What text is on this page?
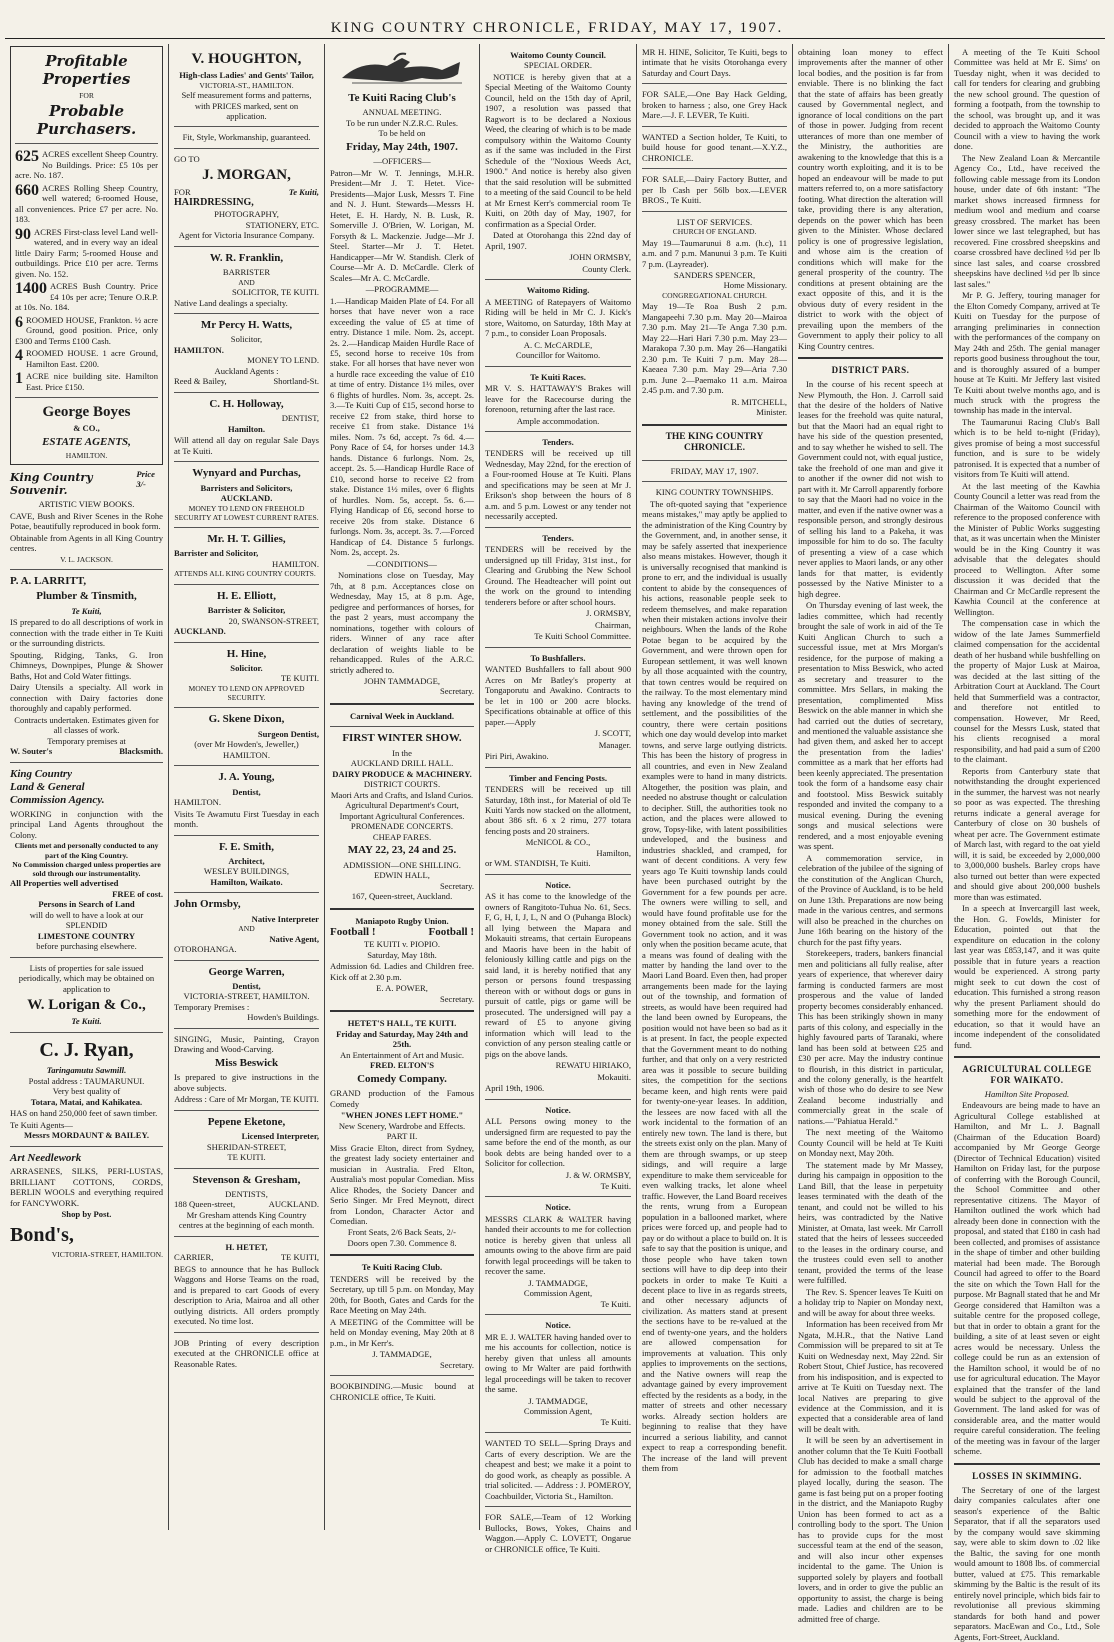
KING COUNTRY CHRONICLE, FRIDAY, MAY 17, 1907.
Profitable Properties
FOR
Probable Purchasers.
625 ACRES excellent Sheep Country. No Buildings. Price: £5 10s per acre. No. 187.
660 ACRES Rolling Sheep Country, well watered; 6-roomed House, all conveniences. Price £7 per acre. No. 183.
90 ACRES First-class level Land well-watered, and in every way an ideal little Dairy Farm; 5-roomed House and outbuildings. Price £10 per acre. Terms given. No. 152.
1400 ACRES Bush Country. Price £4 10s per acre; Tenure O.R.P. at 10s. No. 184.
6 ROOMED HOUSE, Frankton. ½ acre Ground, good position. Price, only £300 and Terms £100 Cash.
4 ROOMED HOUSE. 1 acre Ground, Hamilton East. £200.
1 ACRE nice building site. Hamilton East. Price £150.
George Boyes
& CO.,
ESTATE AGENTS,
HAMILTON.
King Country Souvenir.
Price 3/-
ARTISTIC VIEW BOOKS.
CAVE, Bush and River Scenes in the Rohe Potae, beautifully reproduced in book form.
Obtainable from Agents in all King Country centres.
V. L. JACKSON.
P. A. LARRITT,
Plumber & Tinsmith,
Te Kuiti,
IS prepared to do all descriptions of work in connection with the trade either in Te Kuiti or the surrounding districts.
Spouting, Ridging, Tanks, G. Iron Chimneys, Downpipes, Plunge & Shower Baths, Hot and Cold Water fittings.
Dairy Utensils a specialty. All work in connection with Dairy factories done thoroughly and capably performed.
Contracts undertaken. Estimates given for all classes of work.
Temporary premises at
W. Souter's	Blacksmith.
King Country
Land & General
Commission Agency.
WORKING in conjunction with the principal Land Agents throughout the Colony.
Clients met and personally conducted to any part of the King Country.
No Commission charged unless properties are sold through our instrumentality.
All Properties well advertised
FREE of cost.
Persons in Search of Land
will do well to have a look at our SPLENDID
LIMESTONE COUNTRY
before purchasing elsewhere.
Lists of properties for sale issued periodically, which may be obtained on application to
W. Lorigan & Co.,
Te Kuiti.
C. J. Ryan,
Taringamutu Sawmill.
Postal address : TAUMARUNUI.
Very best quality of
Totara, Matai, and Kahikatea.
HAS on hand 250,000 feet of sawn timber.
Te Kuiti Agents—
Messrs MORDAUNT & BAILEY.
Art Needlework
ARRASENES, SILKS, PERI-LUSTAS, BRILLIANT COTTONS, CORDS, BERLIN WOOLS and everything required for FANCYWORK.
Shop by Post.
Bond's,
VICTORIA-STREET, HAMILTON.
V. HOUGHTON,
High-class Ladies' and Gents' Tailor,
VICTORIA-ST., HAMILTON.
Self measurement forms and patterns, with PRICES marked, sent on application.
Fit, Style, Workmanship, guaranteed.
GO TO
J. MORGAN,
FOR	Te Kuiti,
HAIRDRESSING,
PHOTOGRAPHY,
STATIONERY, ETC.
Agent for Victoria Insurance Company.
W. R. Franklin,
BARRISTER
AND
SOLICITOR, TE KUITI.
Native Land dealings a specialty.
Mr Percy H. Watts,
Solicitor,
HAMILTON.
MONEY TO LEND.
Auckland Agents :
Reed & Bailey,	Shortland-St.
C. H. Holloway,
DENTIST,
Hamilton.
Will attend all day on regular Sale Days at Te Kuiti.
Wynyard and Purchas,
Barristers and Solicitors,
AUCKLAND.
MONEY TO LEND ON FREEHOLD SECURITY AT LOWEST CURRENT RATES.
Mr. H. T. Gillies,
Barrister and Solicitor,
HAMILTON.
ATTENDS ALL KING COUNTRY COURTS.
H. E. Elliott,
Barrister & Solicitor,
20, SWANSON-STREET,
AUCKLAND.
H. Hine,
Solicitor.
TE KUITI.
MONEY TO LEND ON APPROVED SECURITY.
G. Skene Dixon,
Surgeon Dentist,
(over Mr Howden's, Jeweller,)
HAMILTON.
J. A. Young,
Dentist,
HAMILTON.
Visits Te Awamutu First Tuesday in each month.
F. E. Smith,
Architect,
WESLEY BUILDINGS,
Hamilton, Waikato.
John Ormsby,
Native Interpreter
AND
Native Agent,
OTOROHANGA.
George Warren,
Dentist,
VICTORIA-STREET, HAMILTON.
Temporary Premises :
Howden's Buildings.
SINGING, Music, Painting, Crayon Drawing and Wood-Carving.
Miss Beswick
Is prepared to give instructions in the above subjects.
Address : Care of Mr Morgan, TE KUITI.
Pepene Eketone,
Licensed Interpreter,
SHERIDAN-STREET,
TE KUITI.
Stevenson & Gresham,
DENTISTS,
188 Queen-street,	AUCKLAND.
Mr Gresham attends King Country centres at the beginning of each month.
H. HETET,
CARRIER,	TE KUITI,
BEGS to announce that he has Bullock Waggons and Horse Teams on the road, and is prepared to cart Goods of every description to Aria, Mairoa and all other outlying districts. All orders promptly executed. No time lost.
JOB Printing of every description executed at the CHRONICLE office at Reasonable Rates.
Te Kuiti Racing Club's
ANNUAL MEETING.
To be run under N.Z.R.C. Rules.
To be held on
Friday, May 24th, 1907.
—OFFICERS—
Patron—Mr W. T. Jennings, M.H.R. President—Mr J. T. Hetet. Vice-Presidents—Major Lusk, Messrs T. Fine and N. J. Hunt. Stewards—Messrs H. Hetet, E. H. Hardy, N. B. Lusk, R. Somerville J. O'Brien, W. Lorigan, M. Forsyth & L. Mackenzie. Judge—Mr J. Steel. Starter—Mr J. T. Hetet. Handicapper—Mr W. Standish. Clerk of Course—Mr A. D. McCardle. Clerk of Scales—Mr A. C. McCardle.
—PROGRAMME—
1.—Handicap Maiden Plate of £4. For all horses that have never won a race exceeding the value of £5 at time of entry. Distance 1 mile. Nom. 2s, accept. 2s. 2.—Handicap Maiden Hurdle Race of £5, second horse to receive 10s from stake. For all horses that have never won a hurdle race exceeding the value of £10 at time of entry. Distance 1½ miles, over 6 flights of hurdles. Nom. 3s, accept. 2s. 3.—Te Kuiti Cup of £15, second horse to receive £2 from stake, third horse to receive £1 from stake. Distance 1¼ miles. Nom. 7s 6d, accept. 7s 6d. 4.—Pony Race of £4, for horses under 14.3 hands. Distance 6 furlongs. Nom. 2s, accept. 2s. 5.—Handicap Hurdle Race of £10, second horse to receive £2 from stake. Distance 1½ miles, over 6 flights of hurdles. Nom. 5s, accept. 5s. 6.—Flying Handicap of £6, second horse to receive 20s from stake. Distance 6 furlongs. Nom. 3s, accept. 3s. 7.—Forced Handicap of £4. Distance 5 furlongs. Nom. 2s, accept. 2s.
—CONDITIONS—
Nominations close on Tuesday, May 7th, at 8 p.m. Acceptances close on Wednesday, May 15, at 8 p.m. Age, pedigree and performances of horses, for the past 2 years, must accompany the nominations, together with colours of riders. Winner of any race after declaration of weights liable to be rehandicapped. Rules of the A.R.C. strictly adhered to.
JOHN TAMMADGE,
Secretary.
Carnival Week in Auckland.
FIRST WINTER SHOW.
In the
AUCKLAND DRILL HALL.
DAIRY PRODUCE & MACHINERY.
DISTRICT COURTS.
Maori Arts and Crafts, and Island Curios.
Agricultural Department's Court, Important Agricultural Conferences.
PROMENADE CONCERTS.
CHEAP FARES.
MAY 22, 23, 24 and 25.
ADMISSION—ONE SHILLING.
EDWIN HALL,
Secretary.
167, Queen-street, Auckland.
Maniapoto Rugby Union.
Football !	Football !
TE KUITI v. PIOPIO.
Saturday, May 18th.
Admission 6d. Ladies and Children free. Kick off at 2.30 p.m.
E. A. POWER,
Secretary.
HETET'S HALL, TE KUITI.
Friday and Saturday, May 24th and 25th.
An Entertainment of Art and Music.
FRED. ELTON'S
Comedy Company.
GRAND production of the Famous Comedy
"WHEN JONES LEFT HOME."
New Scenery, Wardrobe and Effects.
PART II.
Miss Gracie Elton, direct from Sydney, the greatest lady society entertainer and musician in Australia. Fred Elton, Australia's most popular Comedian. Miss Alice Rhodes, the Society Dancer and Serio Singer. Mr Fred Meynott, direct from London, Character Actor and Comedian.
Front Seats, 2/6 Back Seats, 2/-
Doors open 7.30. Commence 8.
Te Kuiti Racing Club.
TENDERS will be received by the Secretary, up till 5 p.m. on Monday, May 20th, for Booth, Gates and Cards for the Race Meeting on May 24th.
A MEETING of the Committee will be held on Monday evening, May 20th at 8 p.m., in Mr Kerr's.
J. TAMMADGE,
Secretary.
BOOKBINDING.—Music bound at CHRONICLE office, Te Kuiti.
Waitomo County Council.
SPECIAL ORDER.
NOTICE is hereby given that at a Special Meeting of the Waitomo County Council, held on the 15th day of April, 1907, a resolution was passed that Ragwort is to be declared a Noxious Weed, the clearing of which is to be made compulsory within the Waitomo County as if the same was included in the First Schedule of the "Noxious Weeds Act, 1900." And notice is hereby also given that the said resolution will be submitted to a meeting of the said Council to be held at Mr Ernest Kerr's commercial room Te Kuiti, on 20th day of May, 1907, for confirmation as a Special Order.
Dated at Otorohanga this 22nd day of April, 1907.
JOHN ORMSBY,
County Clerk.
Waitomo Riding.
A MEETING of Ratepayers of Waitomo Riding will be held in Mr C. J. Kick's store, Waitomo, on Saturday, 18th May at 7 p.m., to consider Loan Proposals.
A. C. McCARDLE,
Councillor for Waitomo.
Te Kuiti Races.
MR V. S. HATTAWAY'S Brakes will leave for the Racecourse during the forenoon, returning after the last race.
Ample accommodation.
Tenders.
TENDERS will be received up till Wednesday, May 22nd, for the erection of a Four-roomed House at Te Kuiti. Plans and specifications may be seen at Mr J. Erikson's shop between the hours of 8 a.m. and 5 p.m. Lowest or any tender not necessarily accepted.
Tenders.
TENDERS will be received by the undersigned up till Friday, 31st inst., for Clearing and Grubbing the New School Ground. The Headteacher will point out the work on the ground to intending tenderers before or after school hours.
J. ORMSBY,
Chairman,
Te Kuiti School Committee.
To Bushfallers.
WANTED Bushfallers to fall about 900 Acres on Mr Batley's property at Tongaporutu and Awakino. Contracts to be let in 100 or 200 acre blocks. Specifications obtainable at office of this paper.—Apply
J. SCOTT,
Manager.
Piri Piri, Awakino.
Timber and Fencing Posts.
TENDERS will be received up till Saturday, 18th inst., for Material of old Te Kuiti Yards now stacked on the allotment, about 386 sft. 6 x 2 rimu, 277 totara fencing posts and 20 strainers.
McNICOL & CO.,
Hamilton,
or WM. STANDISH, Te Kuiti.
Notice.
AS it has come to the knowledge of the owners of Rangitoto-Tuhua No. 61, Secs. F, G, H, I, J, L, N and O (Puhanga Block) all lying between the Mapara and Mokauiti streams, that certain Europeans and Maoris have been in the habit of feloniously killing cattle and pigs on the said land, it is hereby notified that any person or persons found trespassing thereon with or without dogs or guns in pursuit of cattle, pigs or game will be prosecuted. The undersigned will pay a reward of £5 to anyone giving information which will lead to the conviction of any person stealing cattle or pigs on the above lands.
REWATU HIRIAKO,
Mokauiti.
April 19th, 1906.
Notice.
ALL Persons owing money to the undersigned firm are requested to pay the same before the end of the month, as our book debts are being handed over to a Solicitor for collection.
J. & W. ORMSBY,
Te Kuiti.
Notice.
MESSRS CLARK & WALTER having handed their accounts to me for collection notice is hereby given that unless all amounts owing to the above firm are paid forwith legal proceedings will be taken to recover the same.
J. TAMMADGE,
Commission Agent,
Te Kuiti.
Notice.
MR E. J. WALTER having handed over to me his accounts for collection, notice is hereby given that unless all amounts owing to Mr Walter are paid forthwith legal proceedings will be taken to recover the same.
J. TAMMADGE,
Commission Agent,
Te Kuiti.
WANTED TO SELL—Spring Drays and Carts of every description. We are the cheapest and best; we make it a point to do good work, as cheaply as possible. A trial solicited. — Address : J. POMEROY, Coachbuilder, Victoria St., Hamilton.
FOR SALE,—Team of 12 Working Bullocks, Bows, Yokes, Chains and Waggon.—Apply C. LOVETT, Ongarue or CHRONICLE office, Te Kuiti.
MR H. HINE, Solicitor, Te Kuiti, begs to intimate that he visits Otorohanga every Saturday and Court Days.
FOR SALE,—One Bay Hack Gelding, broken to harness ; also, one Grey Hack Mare.—J. F. LEVER, Te Kuiti.
WANTED a Section holder, Te Kuiti, to build house for good tenant.—X.Y.Z., CHRONICLE.
FOR SALE,—Dairy Factory Butter, and per lb Cash per 56lb box.—LEVER BROS., Te Kuiti.
LIST OF SERVICES.
CHURCH OF ENGLAND.
May 19—Taumarunui 8 a.m. (h.c), 11 a.m. and 7 p.m. Manunui 3 p.m. Te Kuiti 7 p.m. (Layreader).
SANDERS SPENCER,
Home Missionary.
CONGREGATIONAL CHURCH.
May 19—Te Roa Bush 2 p.m. Mangapeehi 7.30 p.m. May 20—Mairoa 7.30 p.m. May 21—Te Anga 7.30 p.m. May 22—Hari Hari 7.30 p.m. May 23—Marakopa 7.30 p.m. May 26—Hangatiki 2.30 p.m. Te Kuiti 7 p.m. May 28—Kaeaea 7.30 p.m. May 29—Aria 7.30 p.m. June 2—Paemako 11 a.m. Mairoa 2.45 p.m. and 7.30 p.m.
R. MITCHELL,
Minister.
THE KING COUNTRY CHRONICLE.
FRIDAY, MAY 17, 1907.
KING COUNTRY TOWNSHIPS.
The oft-quoted saying that "experience means mistakes," may aptly be applied to the administration of the King Country by the Government, and, in another sense, it may be safely asserted that inexperience also means mistakes. However, though it is universally recognised that mankind is prone to err, and the individual is usually content to abide by the consequences of his actions, reasonable people seek to redeem themselves, and make reparation when their mistaken actions involve their neighbours. When the lands of the Rohe Potae began to be acquired by the Government, and were thrown open for European settlement, it was well known by all those acquainted with the country, that town centres would be required on the railway. To the most elementary mind having any knowledge of the trend of settlement, and the possibilities of the country, there were certain positions which one day would develop into market towns, and serve large outlying districts. This has been the history of progress in all countries, and even in New Zealand examples were to hand in many districts. Altogether, the position was plain, and needed no abstruse thought or calculation to decipher. Still, the authorities took no action, and the places were allowed to grow, Topsy-like, with latent possibilities undeveloped, and the business and industries shackled, and cramped, for want of decent conditions. A very few years ago Te Kuiti township lands could have been purchased outright by the Government for a few pounds per acre. The owners were willing to sell, and would have found profitable use for the money obtained from the sale. Still the Government took no action, and it was only when the position became acute, that a means was found of dealing with the matter by handing the land over to the Maori Land Board. Even then, had proper arrangements been made for the laying out of the township, and formation of streets, as would have been required had the land been owned by Europeans, the position would not have been so bad as it is at present. In fact, the people expected that the Government meant to do nothing further, and that only on a very restricted area was it possible to secure building sites, the competition for the sections became keen, and high rents were paid for twenty-one-year leases. In addition, the lessees are now faced with all the work incidental to the formation of an entirely new town. The land is there, but the streets exist only on the plan. Many of them are through swamps, or up steep sidings, and will require a large expenditure to make them serviceable for even walking tracks, let alone wheel traffic. However, the Land Board receives the rents, wrung from a European population in a ballooned market, where prices were forced up, and people had to pay or do without a place to build on. It is safe to say that the position is unique, and those people who have taken town sections will have to dip deep into their pockets in order to make Te Kuiti a decent place to live in as regards streets, and other necessary adjuncts of civilization. As matters stand at present the sections have to be re-valued at the end of twenty-one years, and the holders are allowed compensation for improvements at valuation. This only applies to improvements on the sections, and the Native owners will reap the advantage gained by every improvement effected by the residents as a body, in the matter of streets and other necessary works. Already section holders are beginning to realise that they have incurred a serious liability, and cannot expect to reap a corresponding benefit. The increase of the land will prevent them from
obtaining loan money to effect improvements after the manner of other local bodies, and the position is far from enviable. There is no blinking the fact that the state of affairs has been greatly caused by Governmental neglect, and ignorance of local conditions on the part of those in power. Judging from recent utterances of more than one member of the Ministry, the authorities are awakening to the knowledge that this is a country worth exploiting, and it is to be hoped an endeavour will be made to put matters referred to, on a more satisfactory footing. What direction the alteration will take, providing there is any alteration, depends on the power which has been given to the Minister. Whose declared policy is one of progressive legislation, and whose aim is the creation of conditions which will make for the general prosperity of the country. The conditions at present obtaining are the exact opposite of this, and it is the obvious duty of every resident in the district to work with the object of prevailing upon the members of the Government to apply their policy to all King Country centres.
DISTRICT PARS.
In the course of his recent speech at New Plymouth, the Hon. J. Carroll said that the desire of the holders of Native leases for the freehold was quite natural, but that the Maori had an equal right to have his side of the question presented, and to say whether he wished to sell. The Government could not, with equal justice, take the freehold of one man and give it to another if the owner did not wish to part with it. Mr Carroll apparently forbore to say that the Maori had no voice in the matter, and even if the native owner was a responsible person, and strongly desirous of selling his land to a Pakeha, it was impossible for him to do so. The faculty of presenting a view of a case which never applies to Maori lands, or any other lands for that matter, is evidently possessed by the Native Minister to a high degree.
On Thursday evening of last week, the ladies committee, which had recently brought the sale of work in aid of the Te Kuiti Anglican Church to such a successful issue, met at Mrs Morgan's residence, for the purpose of making a presentation to Miss Beswick, who acted as secretary and treasurer to the committee. Mrs Sellars, in making the presentation, complimented Miss Beswick on the able manner in which she had carried out the duties of secretary, and mentioned the valuable assistance she had given them, and asked her to accept the presentation from the ladies' committee as a mark that her efforts had been keenly appreciated. The presentation took the form of a handsome easy chair and footstool. Miss Beswick suitably responded and invited the company to a musical evening. During the evening songs and musical selections were rendered, and a most enjoyable evening was spent.
A commemoration service, in celebration of the jubilee of the signing of the constitution of the Anglican Church, of the Province of Auckland, is to be held on June 13th. Preparations are now being made in the various centres, and sermons will also be preached in the churches on June 16th bearing on the history of the church for the past fifty years.
Storekeepers, traders, bankers financial men and politicians all fully realise, after years of experience, that wherever dairy farming is conducted farmers are most prosperous and the value of landed property becomes considerably enhanced. This has been strikingly shown in many parts of this colony, and especially in the highly favoured parts of Taranaki, where land has been sold at between £25 and £30 per acre. May the industry continue to flourish, in this district in particular, and the colony generally, is the heartfelt wish of those who do desire to see New Zealand become industrially and commercially great in the scale of nations.—"Pahiatua Herald."
The next meeting of the Waitomo County Council will be held at Te Kuiti on Monday next, May 20th.
The statement made by Mr Massey, during his campaign in opposition to the Land Bill, that the lease in perpetuity leases terminated with the death of the tenant, and could not be willed to his heirs, was contradicted by the Native Minister, at Omata, last week. Mr Carroll stated that the heirs of lessees succeeded to the leases in the ordinary course, and the trustees could even sell to another tenant, provided the terms of the lease were fulfilled.
The Rev. S. Spencer leaves Te Kuiti on a holiday trip to Napier on Monday next, and will be away for about three weeks.
Information has been received from Mr Ngata, M.H.R., that the Native Land Commission will be prepared to sit at Te Kuiti on Wednesday next, May 22nd. Sir Robert Stout, Chief Justice, has recovered from his indisposition, and is expected to arrive at Te Kuiti on Tuesday next. The local Natives are preparing to give evidence at the Commission, and it is expected that a considerable area of land will be dealt with.
It will be seen by an advertisement in another column that the Te Kuiti Football Club has decided to make a small charge for admission to the football matches played locally, during the season. The game is fast being put on a proper footing in the district, and the Maniapoto Rugby Union has been formed to act as a controlling body to the sport. The Union has to provide cups for the most successful team at the end of the season, and will also incur other expenses incidental to the game. The Union is supported solely by players and football lovers, and in order to give the public an opportunity to assist, the charge is being made. Ladies and children are to be admitted free of charge.
A meeting of the Te Kuiti School Committee was held at Mr E. Sims' on Tuesday night, when it was decided to call for tenders for clearing and grubbing the new school ground. The question of forming a footpath, from the township to the school, was brought up, and it was decided to approach the Waitomo County Council with a view to having the work done.
The New Zealand Loan & Mercantile Agency Co., Ltd., have received the following cable message from its London house, under date of 6th instant: "The market shows increased firmness for medium wool and medium and coarse greasy crossbred. The market has been lower since we last telegraphed, but has recovered. Fine crossbred sheepskins and coarse crossbred have declined ½d per lb since last sales, and coarse crossbred sheepskins have declined ½d per lb since last sales."
Mr P. G. Jeffery, touring manager for the Elton Comedy Company, arrived at Te Kuiti on Tuesday for the purpose of arranging preliminaries in connection with the performances of the company on May 24th and 25th. The genial manager reports good business throughout the tour, and is thoroughly assured of a bumper house at Te Kuiti. Mr Jeffery last visited Te Kuiti about twelve months ago, and is much struck with the progress the township has made in the interval.
The Taumarunui Racing Club's Ball which is to be held to-night (Friday), gives promise of being a most successful function, and is sure to be widely patronised. It is expected that a number of visitors from Te Kuiti will attend.
At the last meeting of the Kawhia County Council a letter was read from the Chairman of the Waitomo Council with reference to the proposed conference with the Minister of Public Works suggesting that, as it was uncertain when the Minister would be in the King Country it was advisable that the delegates should proceed to Wellington. After some discussion it was decided that the Chairman and Cr McCardle represent the Kawhia Council at the conference at Wellington.
The compensation case in which the widow of the late James Summerfield claimed compensation for the accidental death of her husband while bushfelling on the property of Major Lusk at Mairoa, was decided at the last sitting of the Arbitration Court at Auckland. The Court held that Summerfield was a contractor, and therefore not entitled to compensation. However, Mr Reed, counsel for the Messrs Lusk, stated that his clients recognised a moral responsibility, and had paid a sum of £200 to the claimant.
Reports from Canterbury state that notwithstanding the drought experienced in the summer, the harvest was not nearly so poor as was expected. The threshing returns indicate a general average for Canterbury of close on 30 bushels of wheat per acre. The Government estimate of March last, with regard to the oat yield will, it is said, be exceeded by 2,000,000 to 3,000,000 bushels. Barley crops have also turned out better than were expected and should give about 200,000 bushels more than was estimated.
In a speech at Invercargill last week, the Hon. G. Fowlds, Minister for Education, pointed out that the expenditure on education in the colony last year was £853,147, and it was quite possible that in future years a reaction would be experienced. A strong party might seek to cut down the cost of education. This furnished a strong reason why the present Parliament should do something more for the endowment of education, so that it would have an income independent of the consolidated fund.
AGRICULTURAL COLLEGE FOR WAIKATO.
Hamilton Site Proposed.
Endeavours are being made to have an Agricultural College established at Hamilton, and Mr L. J. Bagnall (Chairman of the Education Board) accompanied by Mr George George (Director of Technical Education) visited Hamilton on Friday last, for the purpose of conferring with the Borough Council, the School Committee and other representative citizens. The Mayor of Hamilton outlined the work which had already been done in connection with the proposal, and stated that £180 in cash had been collected, and promises of assistance in the shape of timber and other building material had been made. The Borough Council had agreed to offer to the Board the site on which the Town Hall for the purpose. Mr Bagnall stated that he and Mr George considered that Hamilton was a suitable centre for the proposed college, but that in order to obtain a grant for the building, a site of at least seven or eight acres would be necessary. Unless the college could be run as an extension of the Hamilton school, it would be of no use for agricultural education. The Mayor explained that the transfer of the land would be subject to the approval of the Government. The land asked for was of considerable area, and the matter would require careful consideration. The feeling of the meeting was in favour of the larger scheme.
LOSSES IN SKIMMING.
The Secretary of one of the largest dairy companies calculates after one season's experience of the Baltic Separator, that if all the separators used by the company would save skimming say, were able to skim down to .02 like the Baltic, the saving for one month would amount to 1808 lbs. of commercial butter, valued at £75. This remarkable skimming by the Baltic is the result of its entirely novel principle, which bids fair to revolutionise all previous skimming standards for both hand and power separators. MacEwan and Co., Ltd., Sole Agents, Fort-Street, Auckland.
